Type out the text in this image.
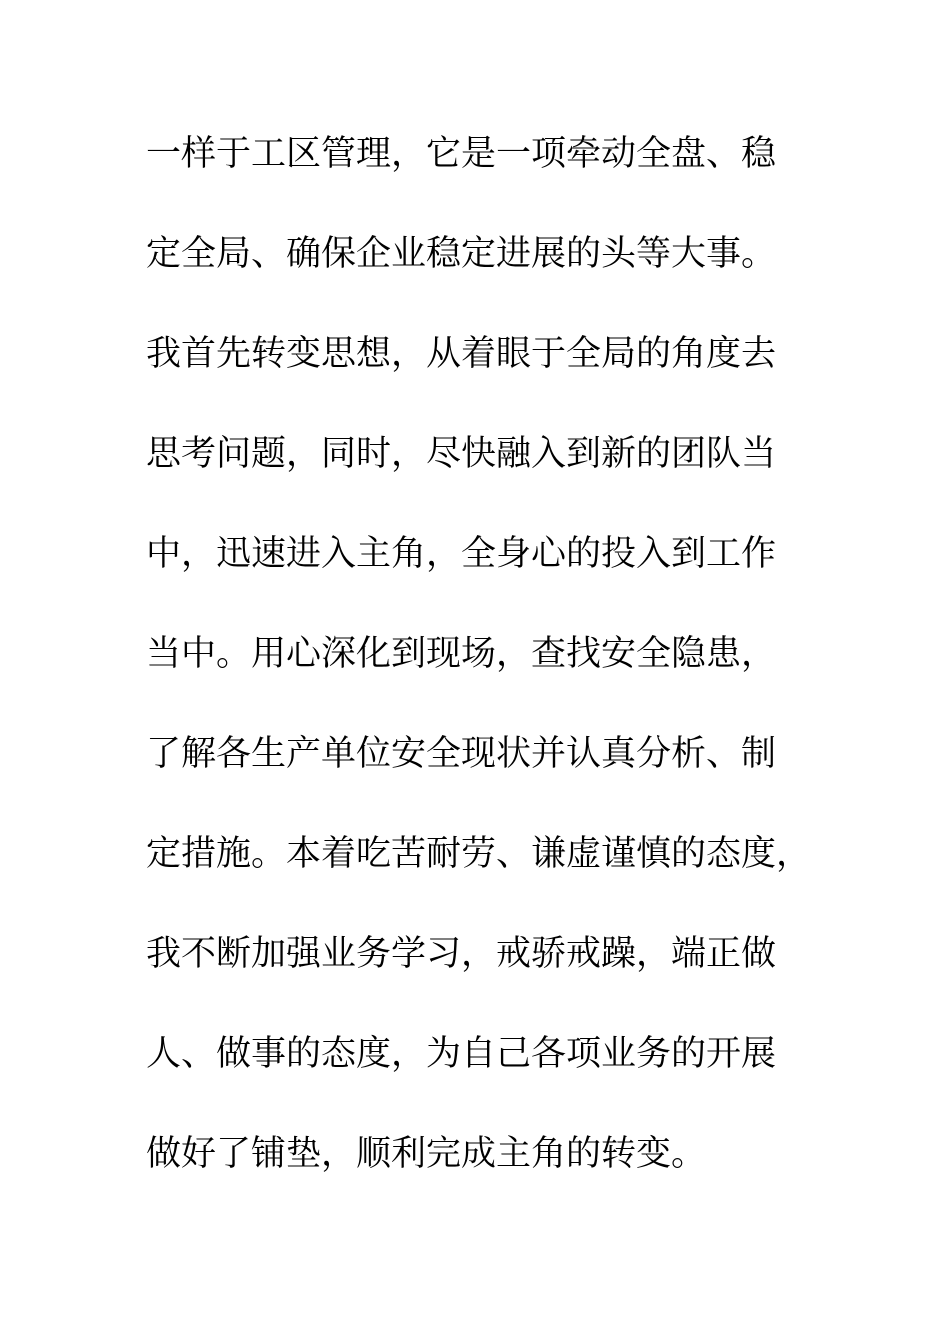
一样于工区管理，它是一项牵动全盘、稳
定全局、确保企业稳定进展的头等大事。
我首先转变思想，从着眼于全局的角度去
思考问题，同时，尽快融入到新的团队当
中，迅速进入主角，全身心的投入到工作
当中。用心深化到现场，查找安全隐患，
了解各生产单位安全现状并认真分析、制
定措施。本着吃苦耐劳、谦虚谨慎的态度，
我不断加强业务学习，戒骄戒躁，端正做
人、做事的态度，为自己各项业务的开展
做好了铺垫，顺利完成主角的转变。
